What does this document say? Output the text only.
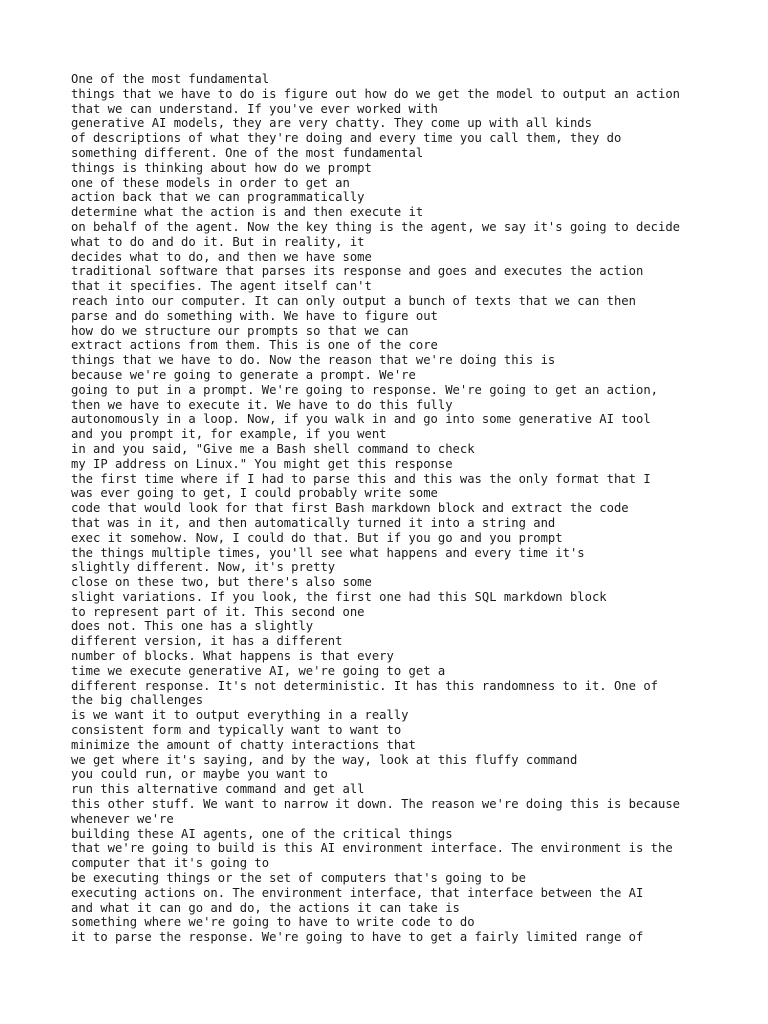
One of the most fundamental
things that we have to do is figure out how do we get the model to output an action
that we can understand. If you've ever worked with
generative AI models, they are very chatty. They come up with all kinds
of descriptions of what they're doing and every time you call them, they do
something different. One of the most fundamental
things is thinking about how do we prompt
one of these models in order to get an
action back that we can programmatically
determine what the action is and then execute it
on behalf of the agent. Now the key thing is the agent, we say it's going to decide
what to do and do it. But in reality, it
decides what to do, and then we have some
traditional software that parses its response and goes and executes the action
that it specifies. The agent itself can't
reach into our computer. It can only output a bunch of texts that we can then
parse and do something with. We have to figure out
how do we structure our prompts so that we can
extract actions from them. This is one of the core
things that we have to do. Now the reason that we're doing this is
because we're going to generate a prompt. We're
going to put in a prompt. We're going to response. We're going to get an action,
then we have to execute it. We have to do this fully
autonomously in a loop. Now, if you walk in and go into some generative AI tool
and you prompt it, for example, if you went
in and you said, "Give me a Bash shell command to check
my IP address on Linux." You might get this response
the first time where if I had to parse this and this was the only format that I
was ever going to get, I could probably write some
code that would look for that first Bash markdown block and extract the code
that was in it, and then automatically turned it into a string and
exec it somehow. Now, I could do that. But if you go and you prompt
the things multiple times, you'll see what happens and every time it's
slightly different. Now, it's pretty
close on these two, but there's also some
slight variations. If you look, the first one had this SQL markdown block
to represent part of it. This second one
does not. This one has a slightly
different version, it has a different
number of blocks. What happens is that every
time we execute generative AI, we're going to get a
different response. It's not deterministic. It has this randomness to it. One of
the big challenges
is we want it to output everything in a really
consistent form and typically want to want to
minimize the amount of chatty interactions that
we get where it's saying, and by the way, look at this fluffy command
you could run, or maybe you want to
run this alternative command and get all
this other stuff. We want to narrow it down. The reason we're doing this is because
whenever we're
building these AI agents, one of the critical things
that we're going to build is this AI environment interface. The environment is the
computer that it's going to
be executing things or the set of computers that's going to be
executing actions on. The environment interface, that interface between the AI
and what it can go and do, the actions it can take is
something where we're going to have to write code to do
it to parse the response. We're going to have to get a fairly limited range of
